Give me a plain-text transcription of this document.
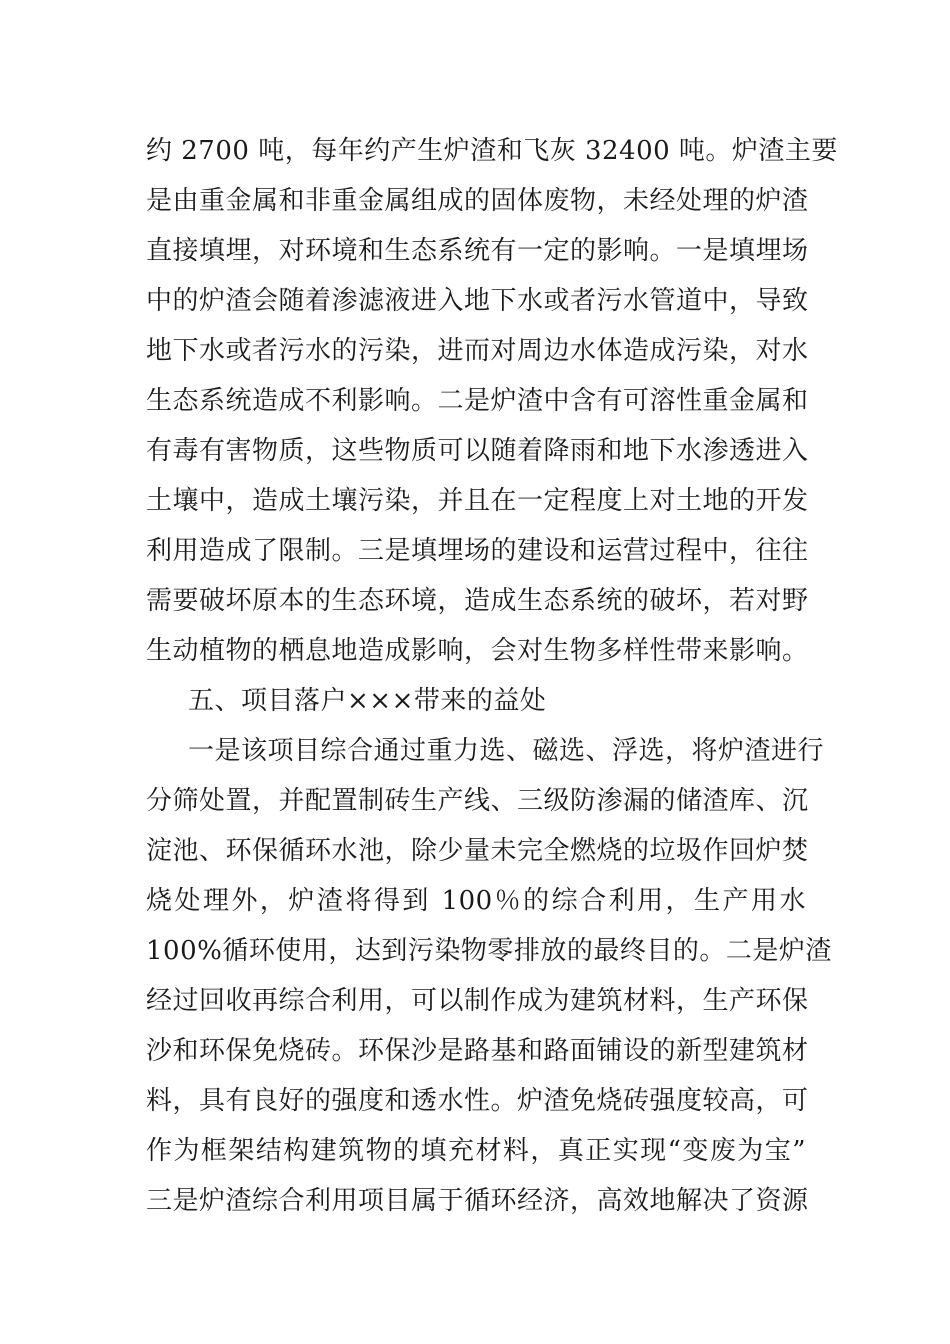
约 2700 吨，每年约产生炉渣和飞灰 32400 吨。炉渣主要
是由重金属和非重金属组成的固体废物，未经处理的炉渣
直接填埋，对环境和生态系统有一定的影响。一是填埋场
中的炉渣会随着渗滤液进入地下水或者污水管道中，导致
地下水或者污水的污染，进而对周边水体造成污染，对水
生态系统造成不利影响。二是炉渣中含有可溶性重金属和
有毒有害物质，这些物质可以随着降雨和地下水渗透进入
土壤中，造成土壤污染，并且在一定程度上对土地的开发
利用造成了限制。三是填埋场的建设和运营过程中，往往
需要破坏原本的生态环境，造成生态系统的破坏，若对野
生动植物的栖息地造成影响，会对生物多样性带来影响。
五、项目落户×××带来的益处
一是该项目综合通过重力选、磁选、浮选，将炉渣进行
分筛处置，并配置制砖生产线、三级防渗漏的储渣库、沉
淀池、环保循环水池，除少量未完全燃烧的垃圾作回炉焚
烧处理外，炉渣将得到 100％的综合利用，生产用水
100%循环使用，达到污染物零排放的最终目的。二是炉渣
经过回收再综合利用，可以制作成为建筑材料，生产环保
沙和环保免烧砖。环保沙是路基和路面铺设的新型建筑材
料，具有良好的强度和透水性。炉渣免烧砖强度较高，可
作为框架结构建筑物的填充材料，真正实现“变废为宝”
三是炉渣综合利用项目属于循环经济，高效地解决了资源
